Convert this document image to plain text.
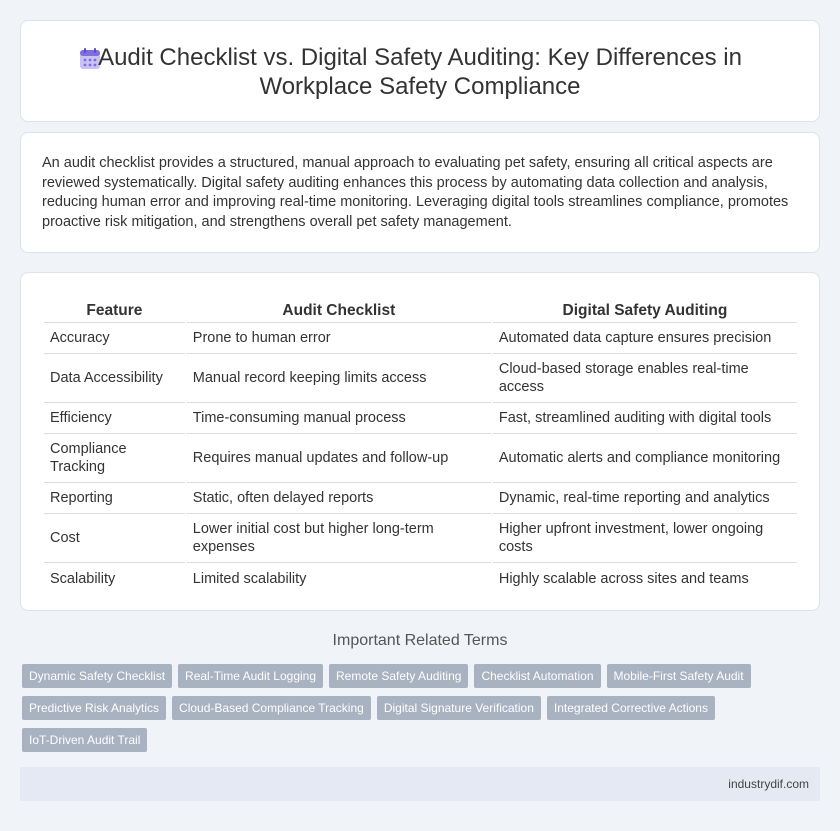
Audit Checklist vs. Digital Safety Auditing: Key Differences in
Workplace Safety Compliance

An audit checklist provides a structured, manual approach to evaluating pet safety, ensuring all critical aspects are reviewed systematically. Digital safety auditing enhances this process by automating data collection and analysis, reducing human error and improving real-time monitoring. Leveraging digital tools streamlines compliance, promotes proactive risk mitigation, and strengthens overall pet safety management.

Feature	Audit Checklist	Digital Safety Auditing
Accuracy	Prone to human error	Automated data capture ensures precision
Data Accessibility	Manual record keeping limits access	Cloud-based storage enables real-time access
Efficiency	Time-consuming manual process	Fast, streamlined auditing with digital tools
Compliance Tracking	Requires manual updates and follow-up	Automatic alerts and compliance monitoring
Reporting	Static, often delayed reports	Dynamic, real-time reporting and analytics
Cost	Lower initial cost but higher long-term expenses	Higher upfront investment, lower ongoing costs
Scalability	Limited scalability	Highly scalable across sites and teams
Important Related Terms
Dynamic Safety Checklist	Real-Time Audit Logging	Remote Safety Auditing	Checklist Automation	Mobile-First Safety Audit
Predictive Risk Analytics	Cloud-Based Compliance Tracking	Digital Signature Verification	Integrated Corrective Actions
IoT-Driven Audit Trail
industrydif.com
